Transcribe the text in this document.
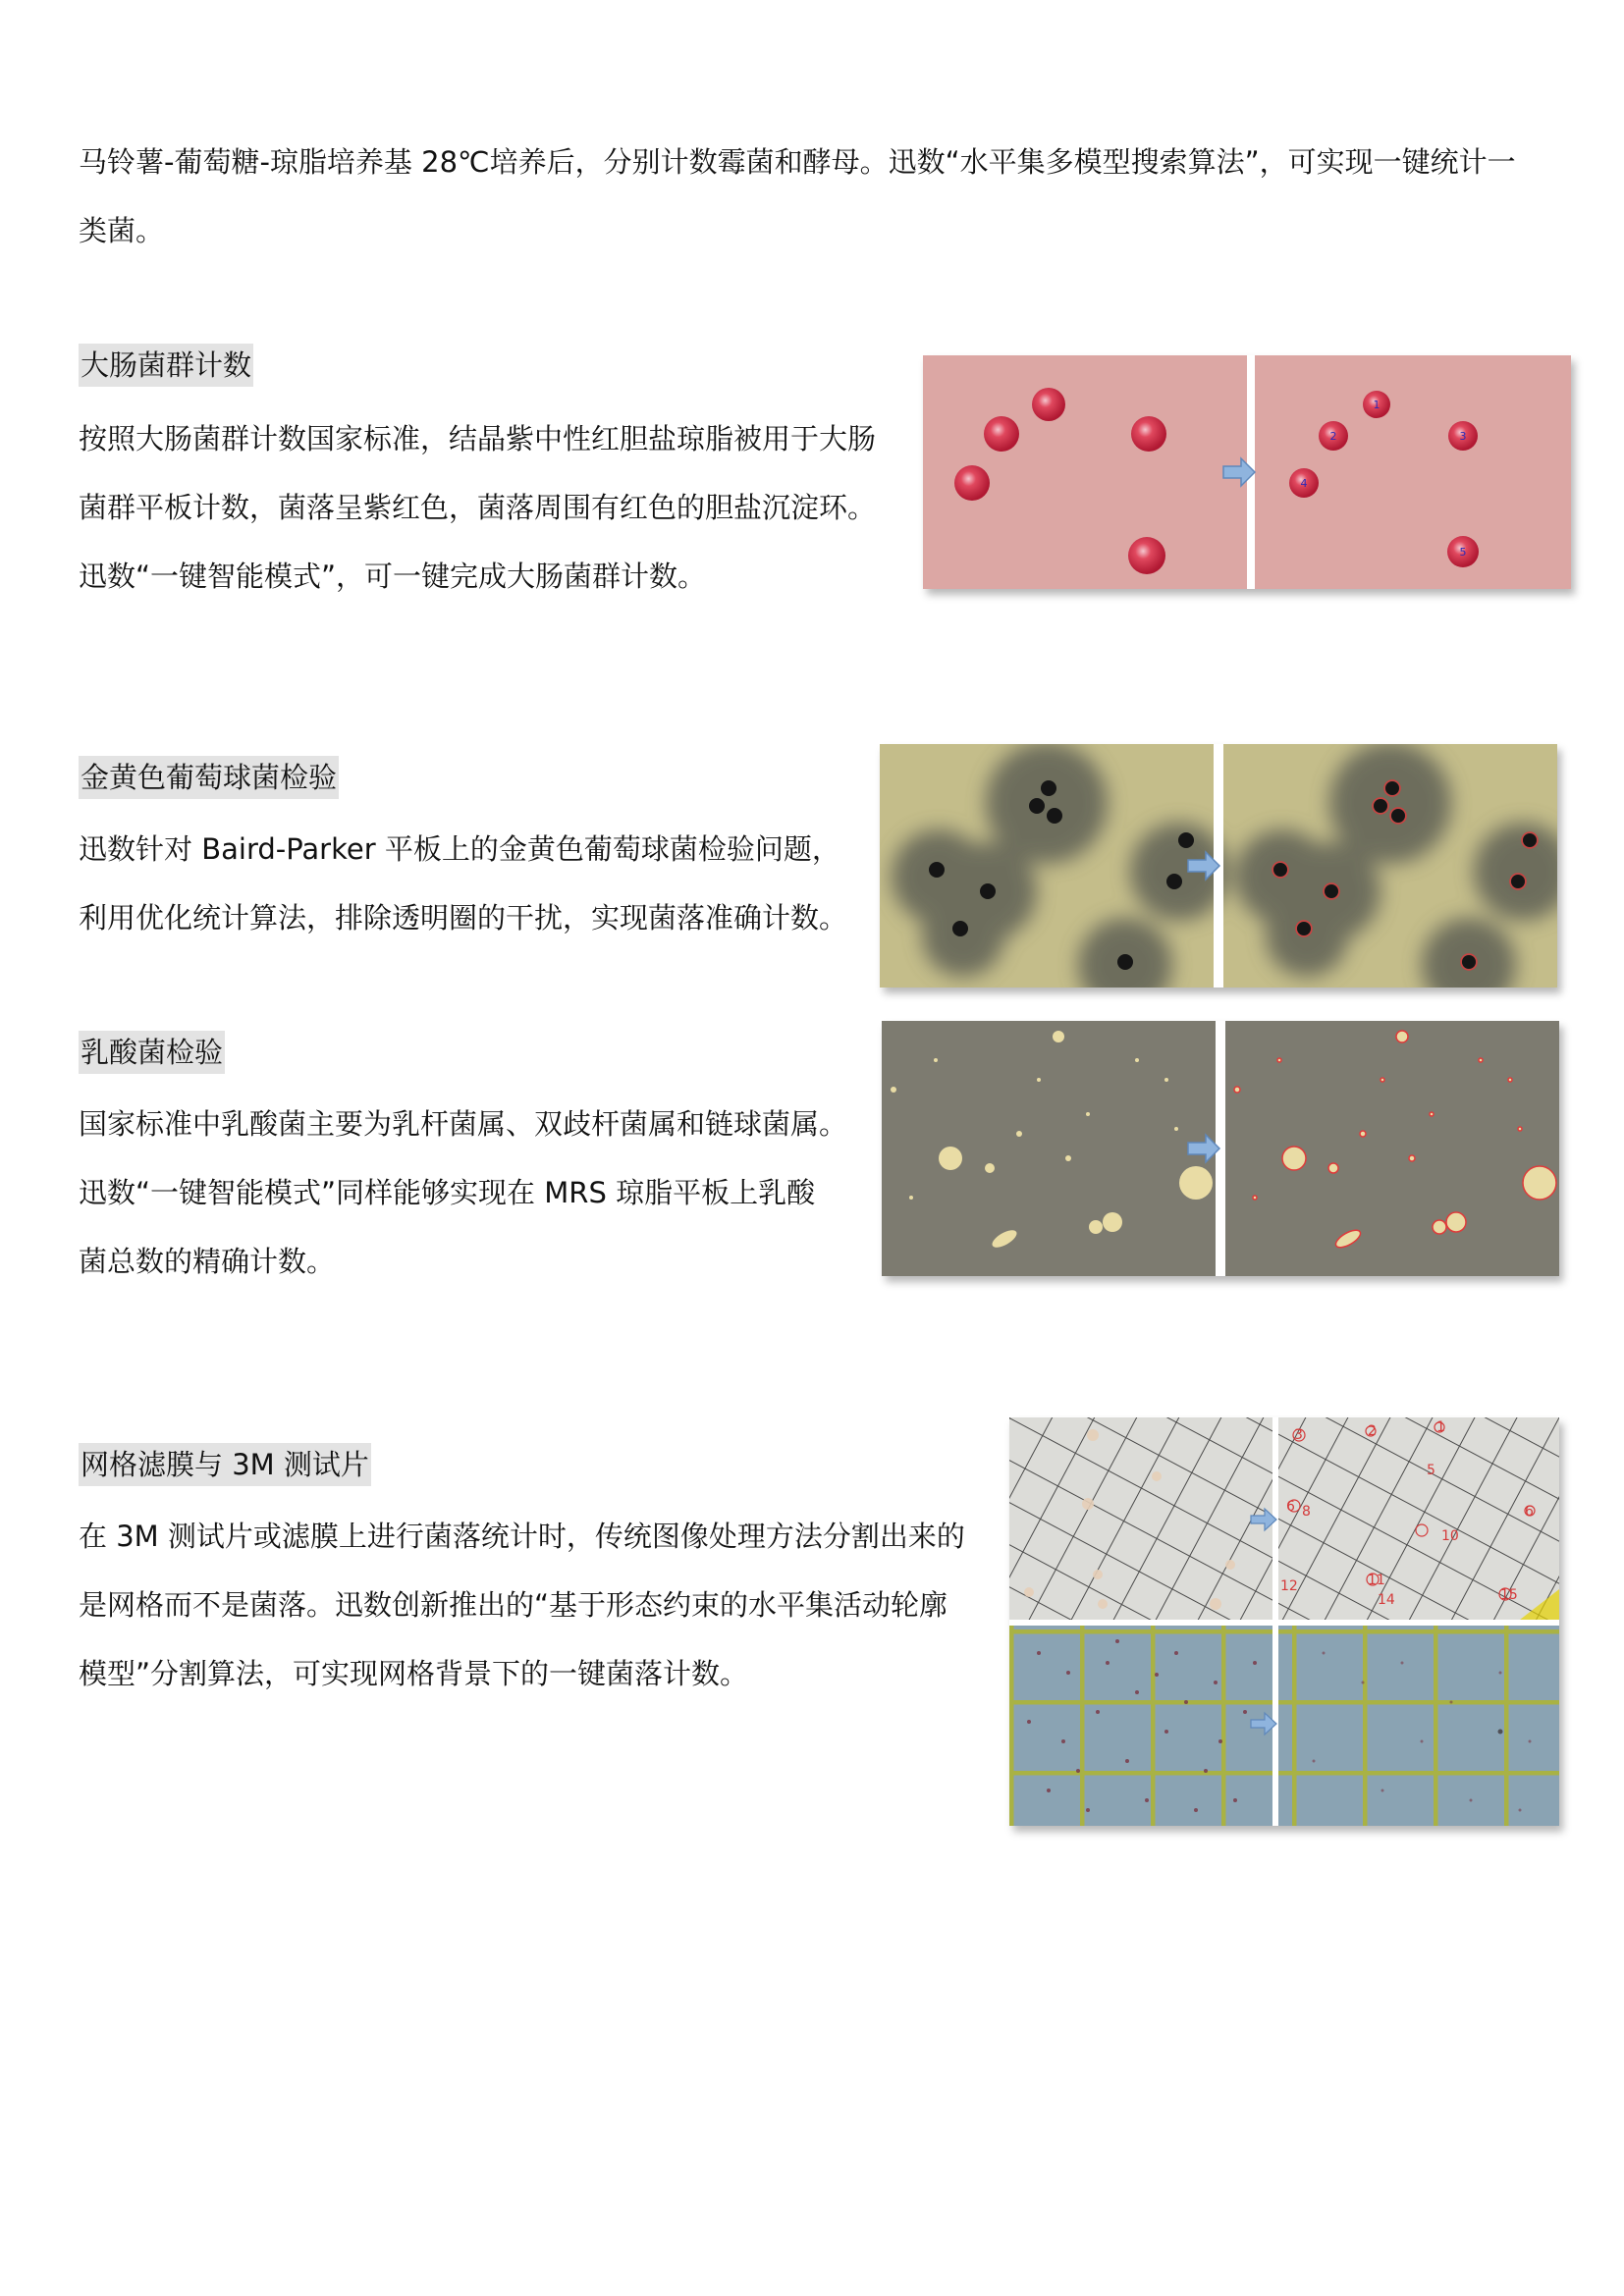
马铃薯-葡萄糖-琼脂培养基 28℃培养后，分别计数霉菌和酵母。迅数“水平集多模型搜索算法”，可实现一键统计一

类菌。

大肠菌群计数

按照大肠菌群计数国家标准，结晶紫中性红胆盐琼脂被用于大肠

菌群平板计数，菌落呈紫红色，菌落周围有红色的胆盐沉淀环。

迅数“一键智能模式”，可一键完成大肠菌群计数。

1
2	3
4
5
金黄色葡萄球菌检验

迅数针对 Baird-Parker 平板上的金黄色葡萄球菌检验问题，

利用优化统计算法，排除透明圈的干扰，实现菌落准确计数。

乳酸菌检验

国家标准中乳酸菌主要为乳杆菌属、双歧杆菌属和链球菌属。

迅数“一键智能模式”同样能够实现在 MRS 琼脂平板上乳酸

菌总数的精确计数。

网格滤膜与 3M 测试片

在 3M 测试片或滤膜上进行菌落统计时，传统图像处理方法分割出来的

是网格而不是菌落。迅数创新推出的“基于形态约束的水平集活动轮廓

模型”分割算法，可实现网格背景下的一键菌落计数。

3	2	1
5
6 8
10
6
12	11
14	15
